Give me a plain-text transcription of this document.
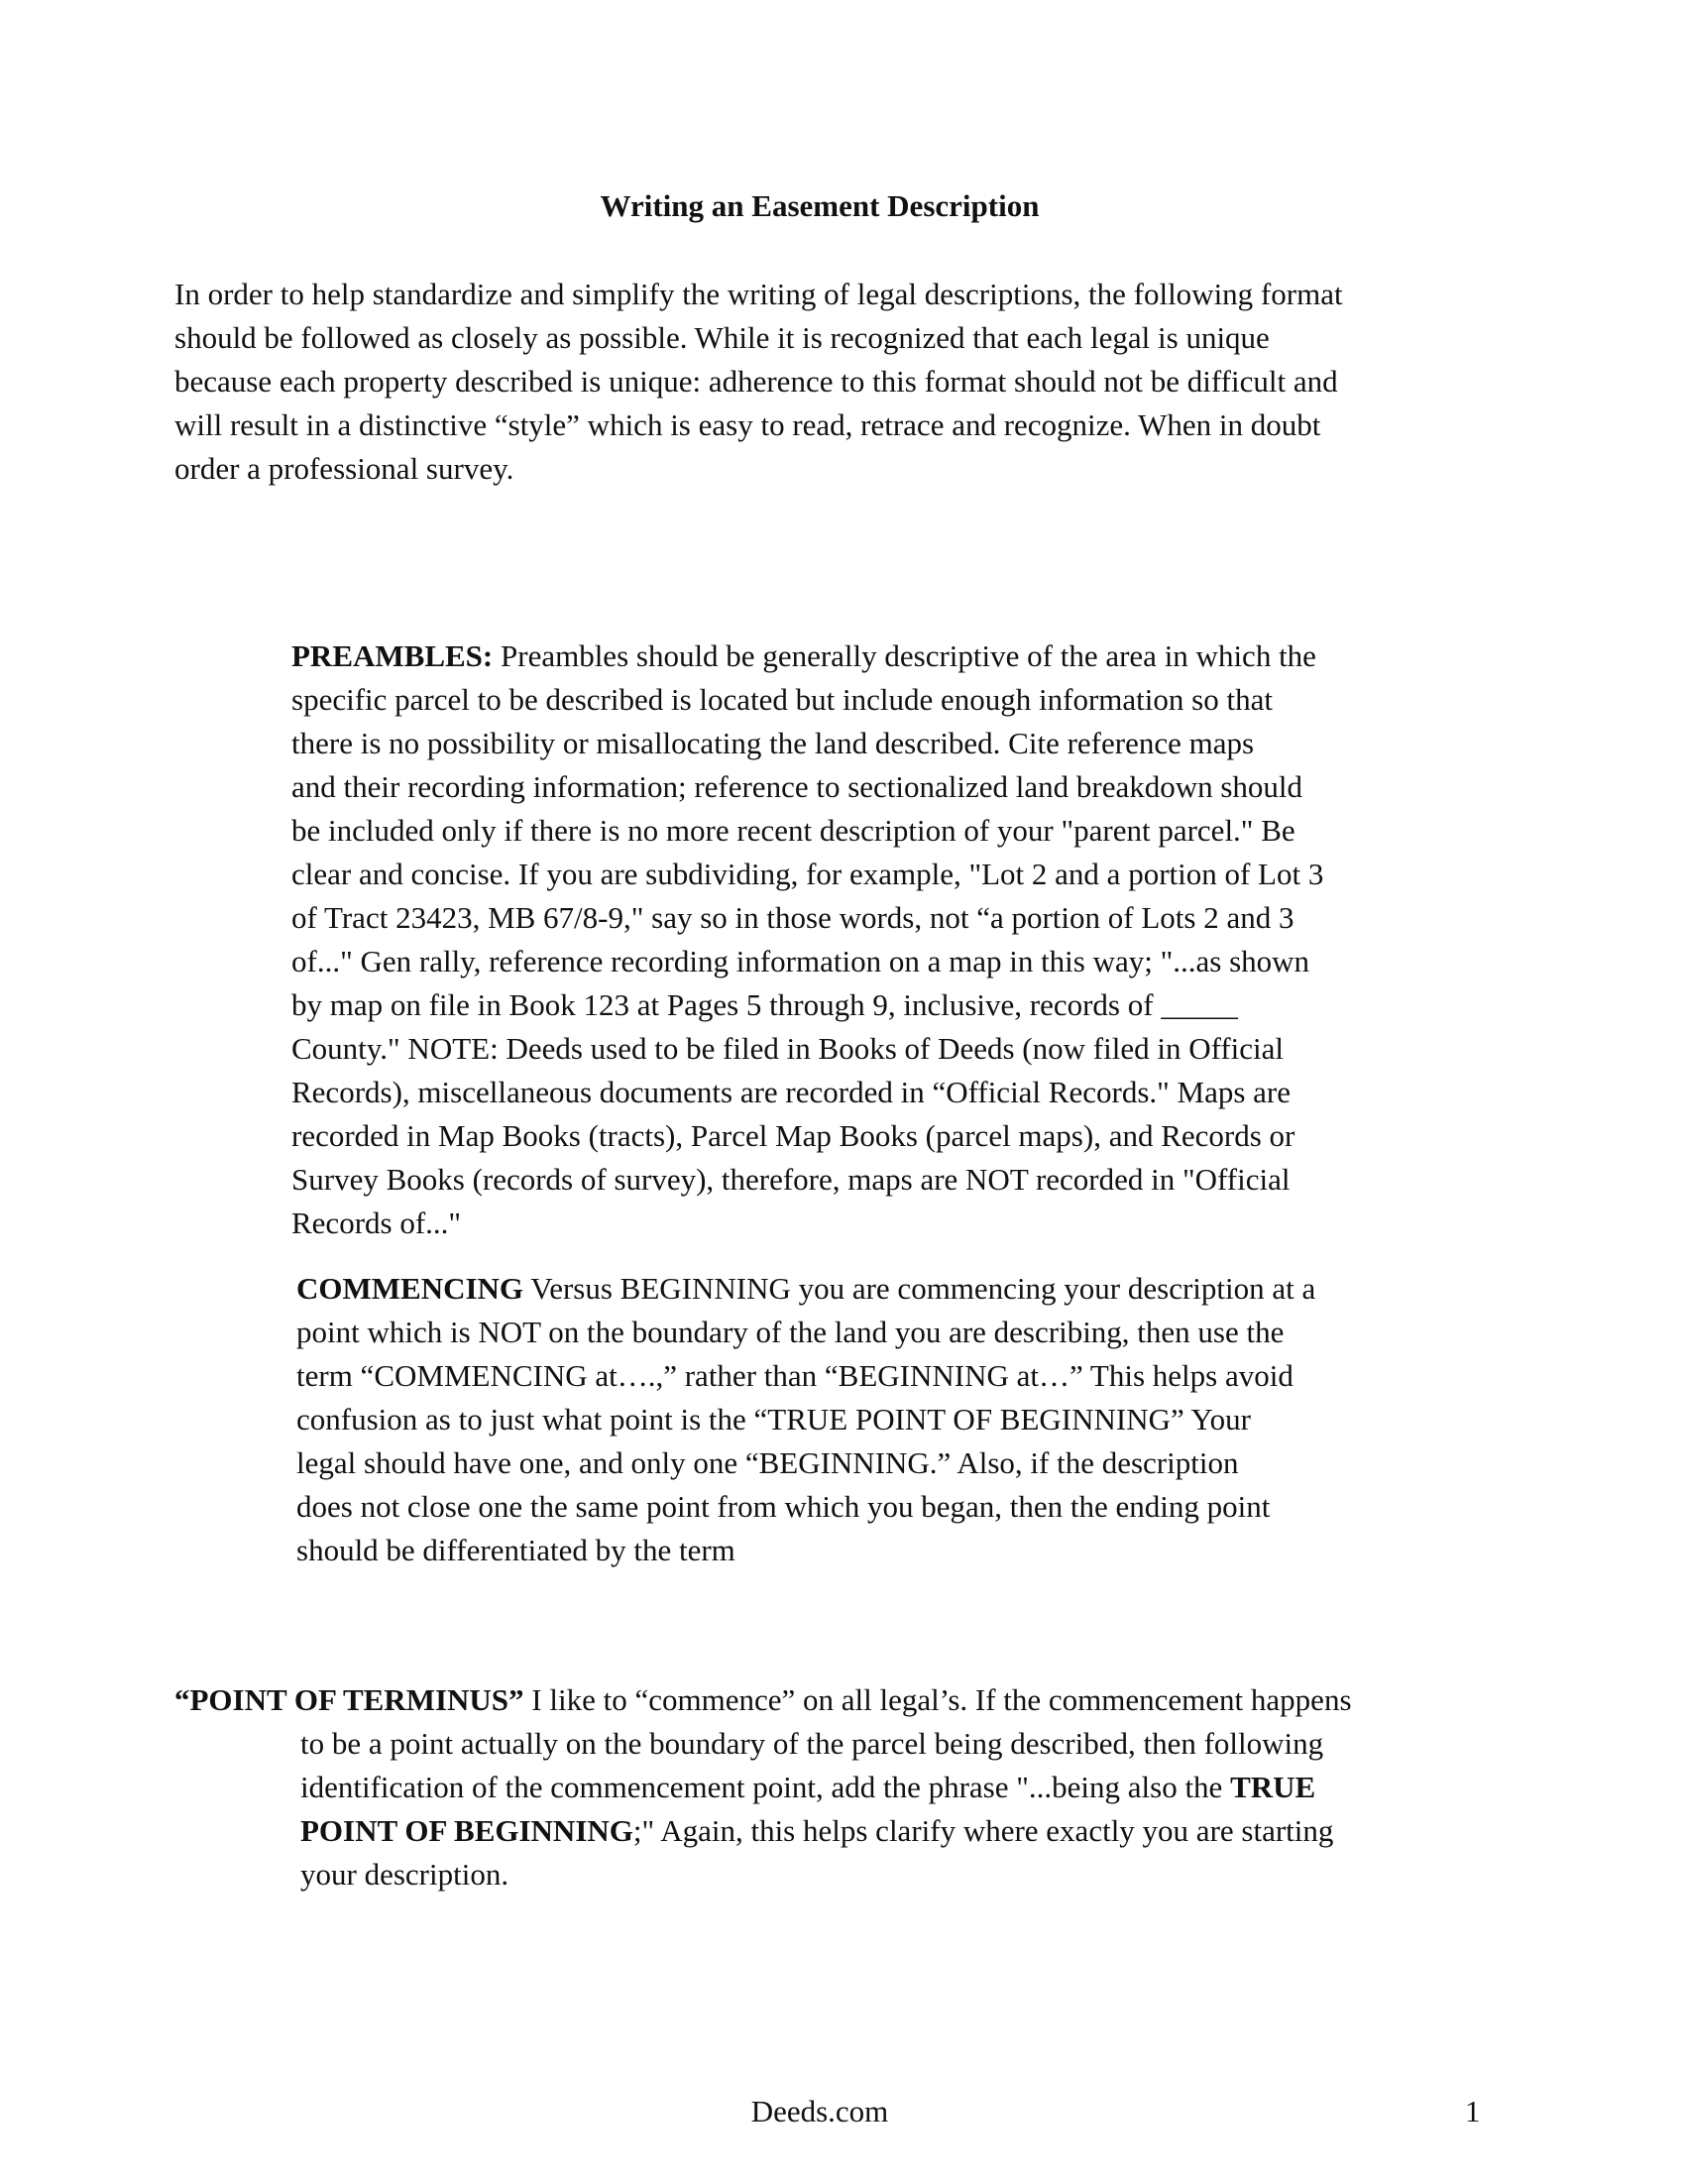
Writing an Easement Description

In order to help standardize and simplify the writing of legal descriptions, the following format
should be followed as closely as possible. While it is recognized that each legal is unique
because each property described is unique: adherence to this format should not be difficult and
will result in a distinctive “style” which is easy to read, retrace and recognize. When in doubt
order a professional survey.

PREAMBLES: Preambles should be generally descriptive of the area in which the
specific parcel to be described is located but include enough information so that
there is no possibility or misallocating the land described. Cite reference maps
and their recording information; reference to sectionalized land breakdown should
be included only if there is no more recent description of your "parent parcel." Be
clear and concise. If you are subdividing, for example, "Lot 2 and a portion of Lot 3
of Tract 23423, MB 67/8-9," say so in those words, not “a portion of Lots 2 and 3
of..." Gen rally, reference recording information on a map in this way; "...as shown
by map on file in Book 123 at Pages 5 through 9, inclusive, records of _____
County." NOTE: Deeds used to be filed in Books of Deeds (now filed in Official
Records), miscellaneous documents are recorded in “Official Records." Maps are
recorded in Map Books (tracts), Parcel Map Books (parcel maps), and Records or
Survey Books (records of survey), therefore, maps are NOT recorded in "Official
Records of..."

COMMENCING Versus BEGINNING you are commencing your description at a
point which is NOT on the boundary of the land you are describing, then use the
term “COMMENCING at….,” rather than “BEGINNING at…” This helps avoid
confusion as to just what point is the “TRUE POINT OF BEGINNING” Your
legal should have one, and only one “BEGINNING.” Also, if the description
does not close one the same point from which you began, then the ending point
should be differentiated by the term

“POINT OF TERMINUS” I like to “commence” on all legal’s. If the commencement happens

to be a point actually on the boundary of the parcel being described, then following
identification of the commencement point, add the phrase "...being also the TRUE
POINT OF BEGINNING;" Again, this helps clarify where exactly you are starting
your description.

Deeds.com	1
